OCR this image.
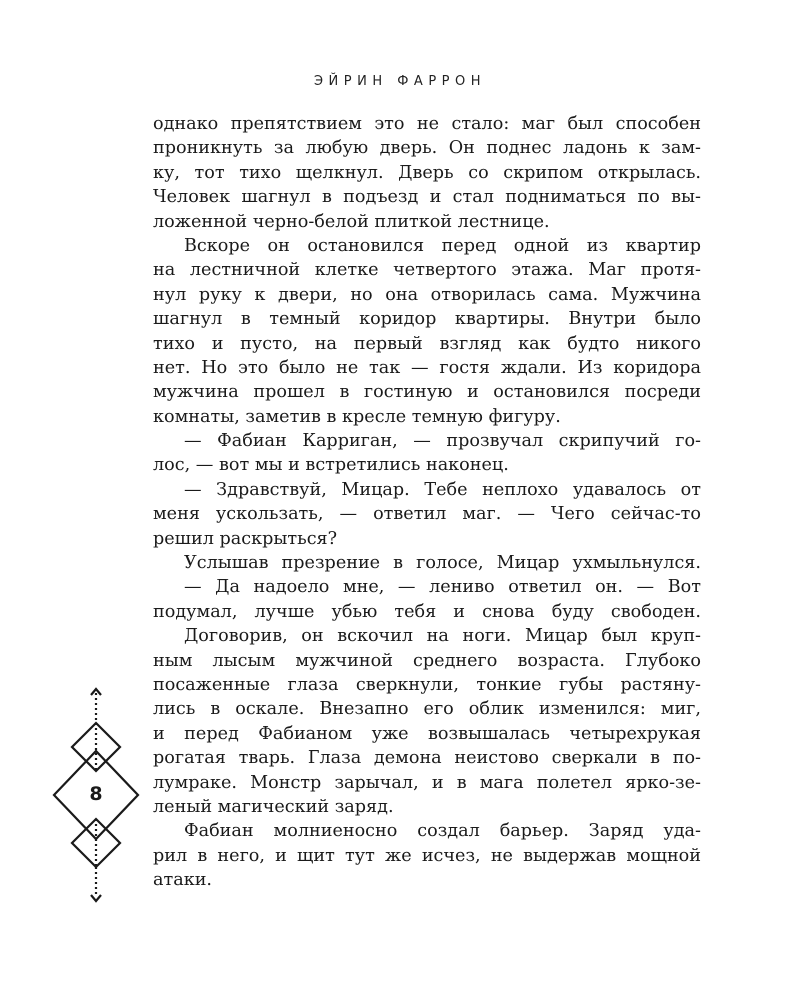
ЭЙРИН ФАРРОН
однако препятствием это не стало: маг был способен
проникнуть за любую дверь. Он поднес ладонь к зам-
ку, тот тихо щелкнул. Дверь со скрипом открылась.
Человек шагнул в подъезд и стал подниматься по вы-
ложенной черно-белой плиткой лестнице.
Вскоре он остановился перед одной из квартир
на лестничной клетке четвертого этажа. Маг протя-
нул руку к двери, но она отворилась сама. Мужчина
шагнул в темный коридор квартиры. Внутри было
тихо и пусто, на первый взгляд как будто никого
нет. Но это было не так — гостя ждали. Из коридора
мужчина прошел в гостиную и остановился посреди
комнаты, заметив в кресле темную фигуру.
— Фабиан Карриган, — прозвучал скрипучий го-
лос, — вот мы и встретились наконец.
— Здравствуй, Мицар. Тебе неплохо удавалось от
меня ускользать, — ответил маг. — Чего сейчас-то
решил раскрыться?
Услышав презрение в голосе, Мицар ухмыльнулся.
— Да надоело мне, — лениво ответил он. — Вот
подумал, лучше убью тебя и снова буду свободен.
Договорив, он вскочил на ноги. Мицар был круп-
ным лысым мужчиной среднего возраста. Глубоко
посаженные глаза сверкнули, тонкие губы растяну-
лись в оскале. Внезапно его облик изменился: миг,
и перед Фабианом уже возвышалась четырехрукая
рогатая тварь. Глаза демона неистово сверкали в по-
лумраке. Монстр зарычал, и в мага полетел ярко-зе-
леный магический заряд.
Фабиан молниеносно создал барьер. Заряд уда-
рил в него, и щит тут же исчез, не выдержав мощной
атаки.
8
